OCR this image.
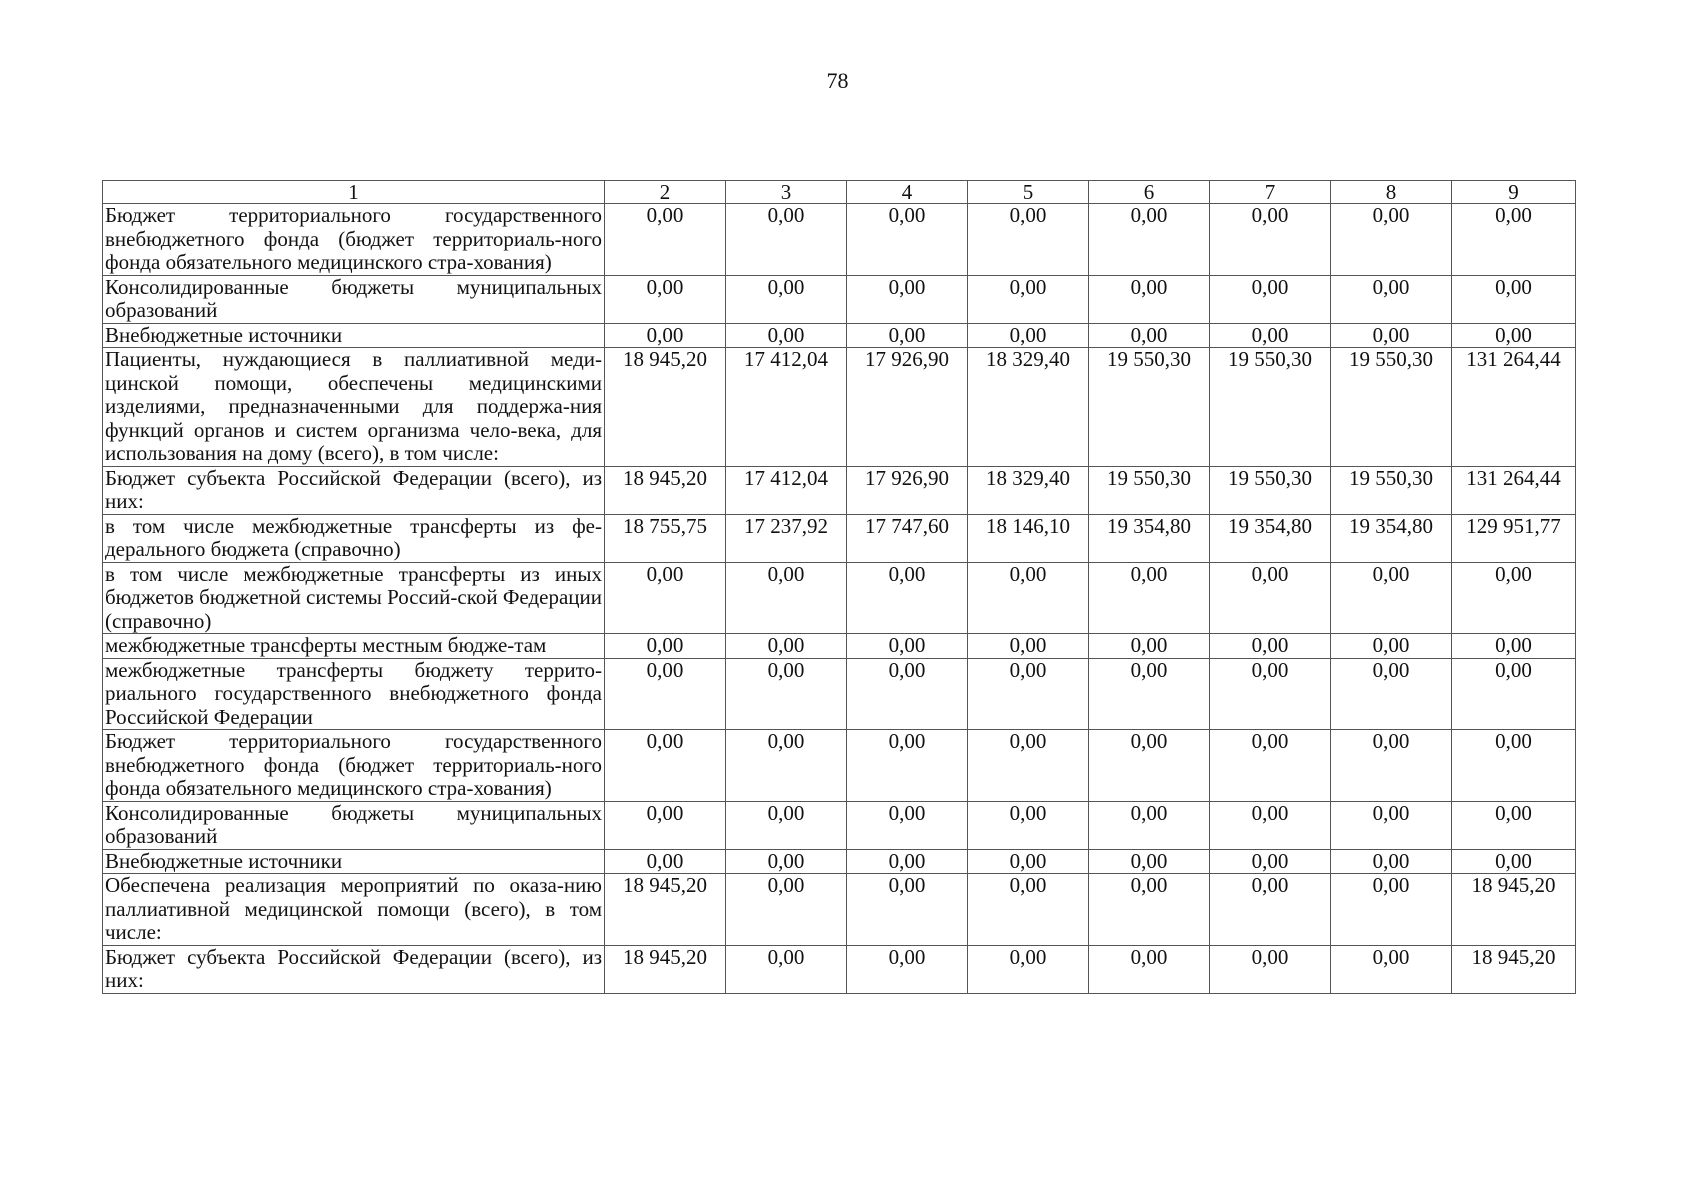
78
1	2	3	4	5	6	7	8	9
Бюджет территориального государственного внебюджетного фонда (бюджет территориаль-ного фонда обязательного медицинского стра-хования)	0,00	0,00	0,00	0,00	0,00	0,00	0,00	0,00
Консолидированные бюджеты муниципальных образований	0,00	0,00	0,00	0,00	0,00	0,00	0,00	0,00
Внебюджетные источники	0,00	0,00	0,00	0,00	0,00	0,00	0,00	0,00
Пациенты, нуждающиеся в паллиативной меди-цинской помощи, обеспечены медицинскими изделиями, предназначенными для поддержа-ния функций органов и систем организма чело-века, для использования на дому (всего), в том числе:	18 945,20	17 412,04	17 926,90	18 329,40	19 550,30	19 550,30	19 550,30	131 264,44
Бюджет субъекта Российской Федерации (всего), из них:	18 945,20	17 412,04	17 926,90	18 329,40	19 550,30	19 550,30	19 550,30	131 264,44
в том числе межбюджетные трансферты из фе-дерального бюджета (справочно)	18 755,75	17 237,92	17 747,60	18 146,10	19 354,80	19 354,80	19 354,80	129 951,77
в том числе межбюджетные трансферты из иных бюджетов бюджетной системы Россий-ской Федерации (справочно)	0,00	0,00	0,00	0,00	0,00	0,00	0,00	0,00
межбюджетные трансферты местным бюдже-там	0,00	0,00	0,00	0,00	0,00	0,00	0,00	0,00
межбюджетные трансферты бюджету террито-риального государственного внебюджетного фонда Российской Федерации	0,00	0,00	0,00	0,00	0,00	0,00	0,00	0,00
Бюджет территориального государственного внебюджетного фонда (бюджет территориаль-ного фонда обязательного медицинского стра-хования)	0,00	0,00	0,00	0,00	0,00	0,00	0,00	0,00
Консолидированные бюджеты муниципальных образований	0,00	0,00	0,00	0,00	0,00	0,00	0,00	0,00
Внебюджетные источники	0,00	0,00	0,00	0,00	0,00	0,00	0,00	0,00
Обеспечена реализация мероприятий по оказа-нию паллиативной медицинской помощи (всего), в том числе:	18 945,20	0,00	0,00	0,00	0,00	0,00	0,00	18 945,20
Бюджет субъекта Российской Федерации (всего), из них:	18 945,20	0,00	0,00	0,00	0,00	0,00	0,00	18 945,20
